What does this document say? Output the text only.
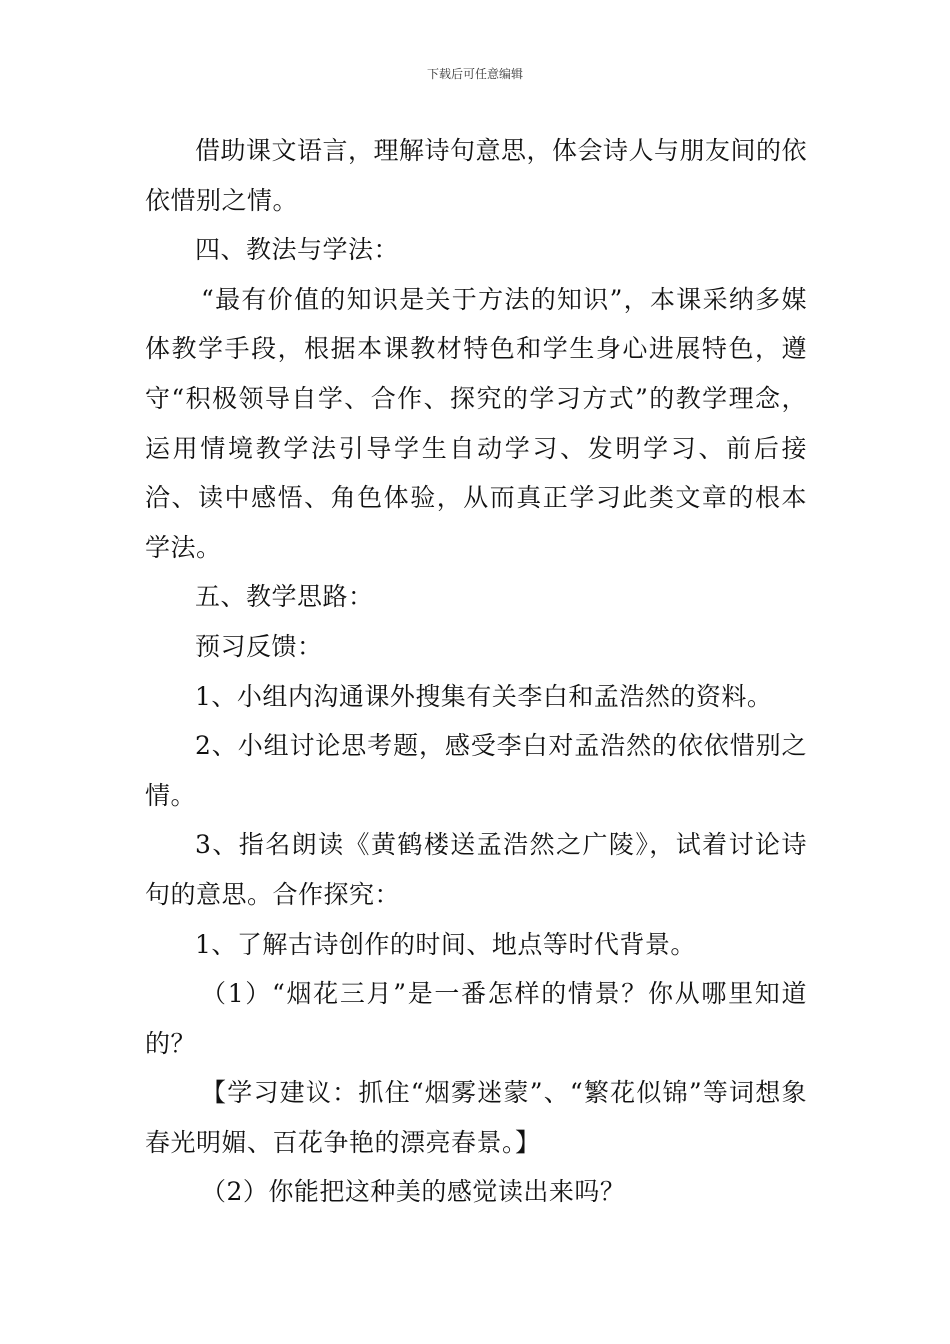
下载后可任意编辑

借助课文语言，理解诗句意思，体会诗人与朋友间的依依惜别之情。

四、教法与学法：

“最有价值的知识是关于方法的知识”，本课采纳多媒体教学手段，根据本课教材特色和学生身心进展特色，遵守“积极领导自学、合作、探究的学习方式”的教学理念，运用情境教学法引导学生自动学习、发明学习、前后接洽、读中感悟、角色体验，从而真正学习此类文章的根本学法。

五、教学思路：

预习反馈：

1、小组内沟通课外搜集有关李白和孟浩然的资料。

2、小组讨论思考题，感受李白对孟浩然的依依惜别之情。

3、指名朗读《黄鹤楼送孟浩然之广陵》，试着讨论诗句的意思。合作探究：

1、了解古诗创作的时间、地点等时代背景。

（1）“烟花三月”是一番怎样的情景？你从哪里知道的？

【学习建议：抓住“烟雾迷蒙”、“繁花似锦”等词想象春光明媚、百花争艳的漂亮春景。】

（2）你能把这种美的感觉读出来吗？
